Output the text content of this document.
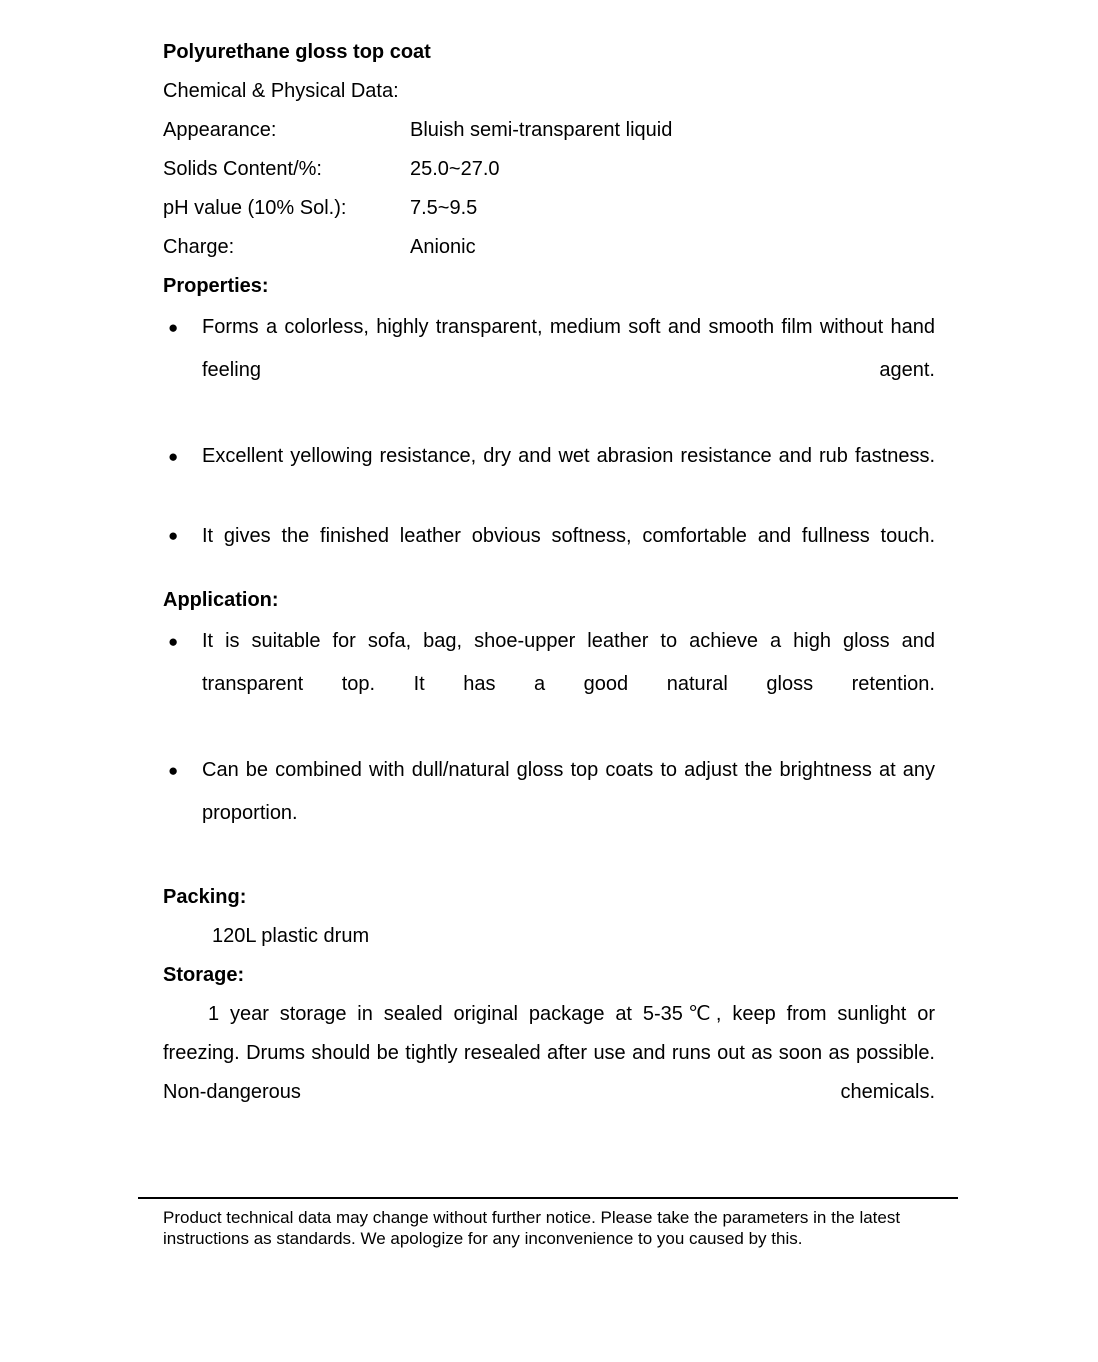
Polyurethane gloss top coat

Chemical & Physical Data:

Appearance:	Bluish semi-transparent liquid
Solids Content/%:	25.0~27.0
pH value (10% Sol.):	7.5~9.5
Charge:	Anionic

Properties:

● Forms a colorless, highly transparent, medium soft and smooth film without hand feeling agent.
● Excellent yellowing resistance, dry and wet abrasion resistance and rub fastness.
● It gives the finished leather obvious softness, comfortable and fullness touch.

Application:

● It is suitable for sofa, bag, shoe-upper leather to achieve a high gloss and transparent top. It has a good natural gloss retention.
● Can be combined with dull/natural gloss top coats to adjust the brightness at any proportion.

Packing:

120L plastic drum

Storage:

1 year storage in sealed original package at 5-35℃, keep from sunlight or freezing. Drums should be tightly resealed after use and runs out as soon as possible. Non-dangerous chemicals.

Product technical data may change without further notice. Please take the parameters in the latest instructions as standards. We apologize for any inconvenience to you caused by this.
